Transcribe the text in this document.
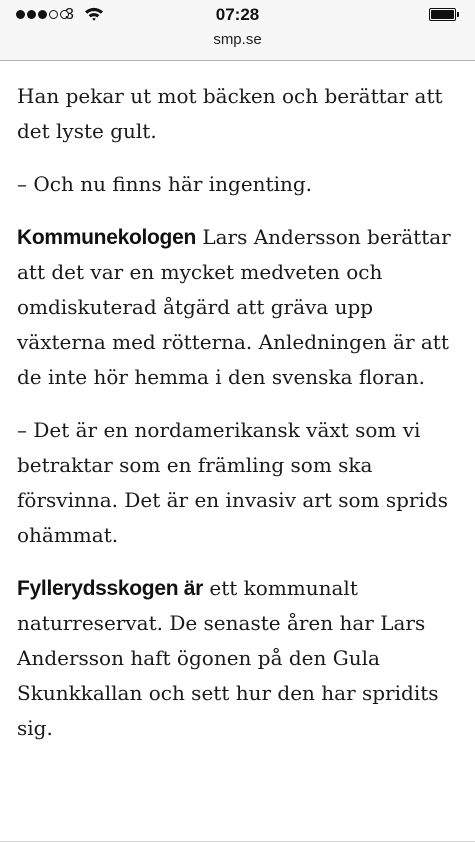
3	07:28
smp.se

Han pekar ut mot bäcken och berättar att det lyste gult.

– Och nu finns här ingenting.

Kommunekologen Lars Andersson berättar att det var en mycket medveten och omdiskuterad åtgärd att gräva upp växterna med rötterna. Anledningen är att de inte hör hemma i den svenska floran.

– Det är en nordamerikansk växt som vi betraktar som en främling som ska försvinna. Det är en invasiv art som sprids ohämmat.

Fyllerydsskogen är ett kommunalt naturreservat. De senaste åren har Lars Andersson haft ögonen på den Gula Skunkkallan och sett hur den har spridits sig.
